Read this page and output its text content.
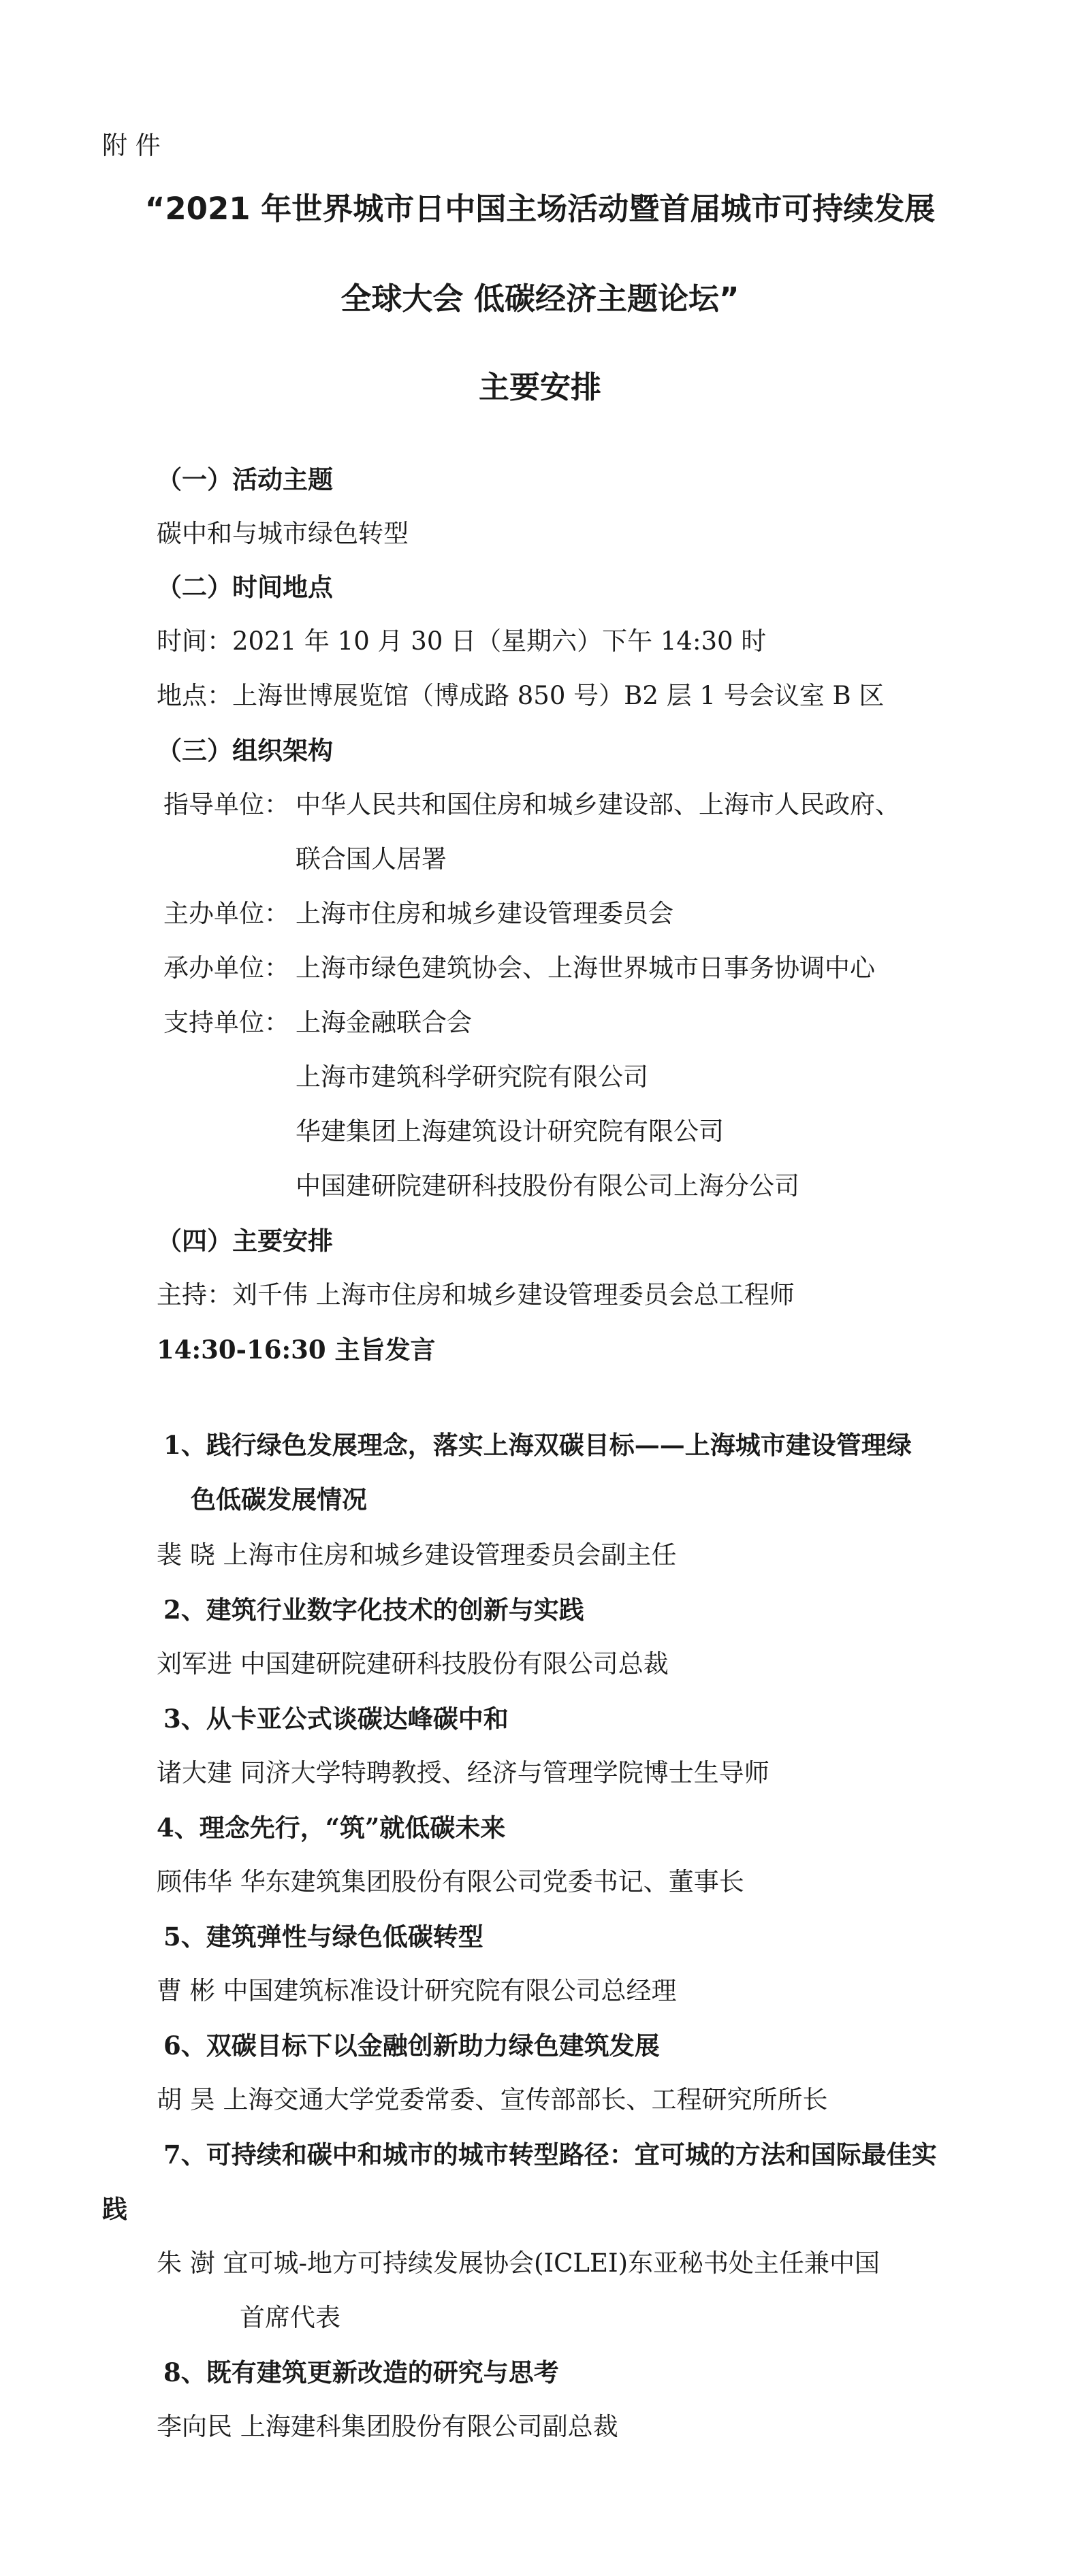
附 件
“2021 年世界城市日中国主场活动暨首届城市可持续发展
全球大会 低碳经济主题论坛”
主要安排
（一）活动主题
碳中和与城市绿色转型
（二）时间地点
时间：2021 年 10 月 30 日（星期六）下午 14:30 时
地点：上海世博展览馆（博成路 850 号）B2 层 1 号会议室 B 区
（三）组织架构
指导单位： 中华人民共和国住房和城乡建设部、上海市人民政府、
联合国人居署
主办单位： 上海市住房和城乡建设管理委员会
承办单位： 上海市绿色建筑协会、上海世界城市日事务协调中心
支持单位： 上海金融联合会
上海市建筑科学研究院有限公司
华建集团上海建筑设计研究院有限公司
中国建研院建研科技股份有限公司上海分公司
（四）主要安排
主持：刘千伟 上海市住房和城乡建设管理委员会总工程师
14:30-16:30 主旨发言
1、践行绿色发展理念，落实上海双碳目标——上海城市建设管理绿
色低碳发展情况
裴 晓 上海市住房和城乡建设管理委员会副主任
2、建筑行业数字化技术的创新与实践
刘军进 中国建研院建研科技股份有限公司总裁
3、从卡亚公式谈碳达峰碳中和
诸大建 同济大学特聘教授、经济与管理学院博士生导师
4、理念先行，“筑”就低碳未来
顾伟华 华东建筑集团股份有限公司党委书记、董事长
5、建筑弹性与绿色低碳转型
曹 彬 中国建筑标准设计研究院有限公司总经理
6、双碳目标下以金融创新助力绿色建筑发展
胡 昊 上海交通大学党委常委、宣传部部长、工程研究所所长
7、可持续和碳中和城市的城市转型路径：宜可城的方法和国际最佳实
践
朱 澍 宜可城-地方可持续发展协会(ICLEI)东亚秘书处主任兼中国
首席代表
8、既有建筑更新改造的研究与思考
李向民 上海建科集团股份有限公司副总裁
